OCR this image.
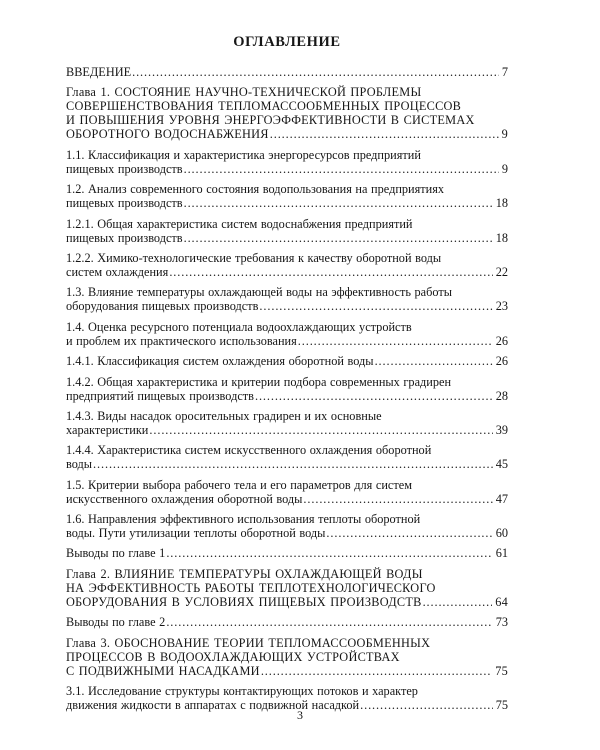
ОГЛАВЛЕНИЕ
ВВЕДЕНИЕ .....	7
Глава 1. СОСТОЯНИЕ НАУЧНО-ТЕХНИЧЕСКОЙ ПРОБЛЕМЫ
СОВЕРШЕНСТВОВАНИЯ ТЕПЛОМАССООБМЕННЫХ ПРОЦЕССОВ
И ПОВЫШЕНИЯ УРОВНЯ ЭНЕРГОЭФФЕКТИВНОСТИ В СИСТЕМАХ
ОБОРОТНОГО ВОДОСНАБЖЕНИЯ .....	9
1.1. Классификация и характеристика энергоресурсов предприятий
пищевых производств .....	9
1.2. Анализ современного состояния водопользования на предприятиях
пищевых производств .....	18
1.2.1. Общая характеристика систем водоснабжения предприятий
пищевых производств .....	18
1.2.2. Химико-технологические требования к качеству оборотной воды
систем охлаждения .....	22
1.3. Влияние температуры охлаждающей воды на эффективность работы
оборудования пищевых производств .....	23
1.4. Оценка ресурсного потенциала водоохлаждающих устройств
и проблем их практического использования .....	26
1.4.1. Классификация систем охлаждения оборотной воды .....	26
1.4.2. Общая характеристика и критерии подбора современных градирен
предприятий пищевых производств .....	28
1.4.3. Виды насадок оросительных градирен и их основные
характеристики .....	39
1.4.4. Характеристика систем искусственного охлаждения оборотной
воды .....	45
1.5. Критерии выбора рабочего тела и его параметров для систем
искусственного охлаждения оборотной воды .....	47
1.6. Направления эффективного использования теплоты оборотной
воды. Пути утилизации теплоты оборотной воды .....	60
Выводы по главе 1 .....	61
Глава 2. ВЛИЯНИЕ ТЕМПЕРАТУРЫ ОХЛАЖДАЮЩЕЙ ВОДЫ
НА ЭФФЕКТИВНОСТЬ РАБОТЫ ТЕПЛОТЕХНОЛОГИЧЕСКОГО
ОБОРУДОВАНИЯ В УСЛОВИЯХ ПИЩЕВЫХ ПРОИЗВОДСТВ .....	64
Выводы по главе 2 .....	73
Глава 3. ОБОСНОВАНИЕ ТЕОРИИ ТЕПЛОМАССООБМЕННЫХ
ПРОЦЕССОВ В ВОДООХЛАЖДАЮЩИХ УСТРОЙСТВАХ
С ПОДВИЖНЫМИ НАСАДКАМИ .....	75
3.1. Исследование структуры контактирующих потоков и характер
движения жидкости в аппаратах с подвижной насадкой .....	75
3
